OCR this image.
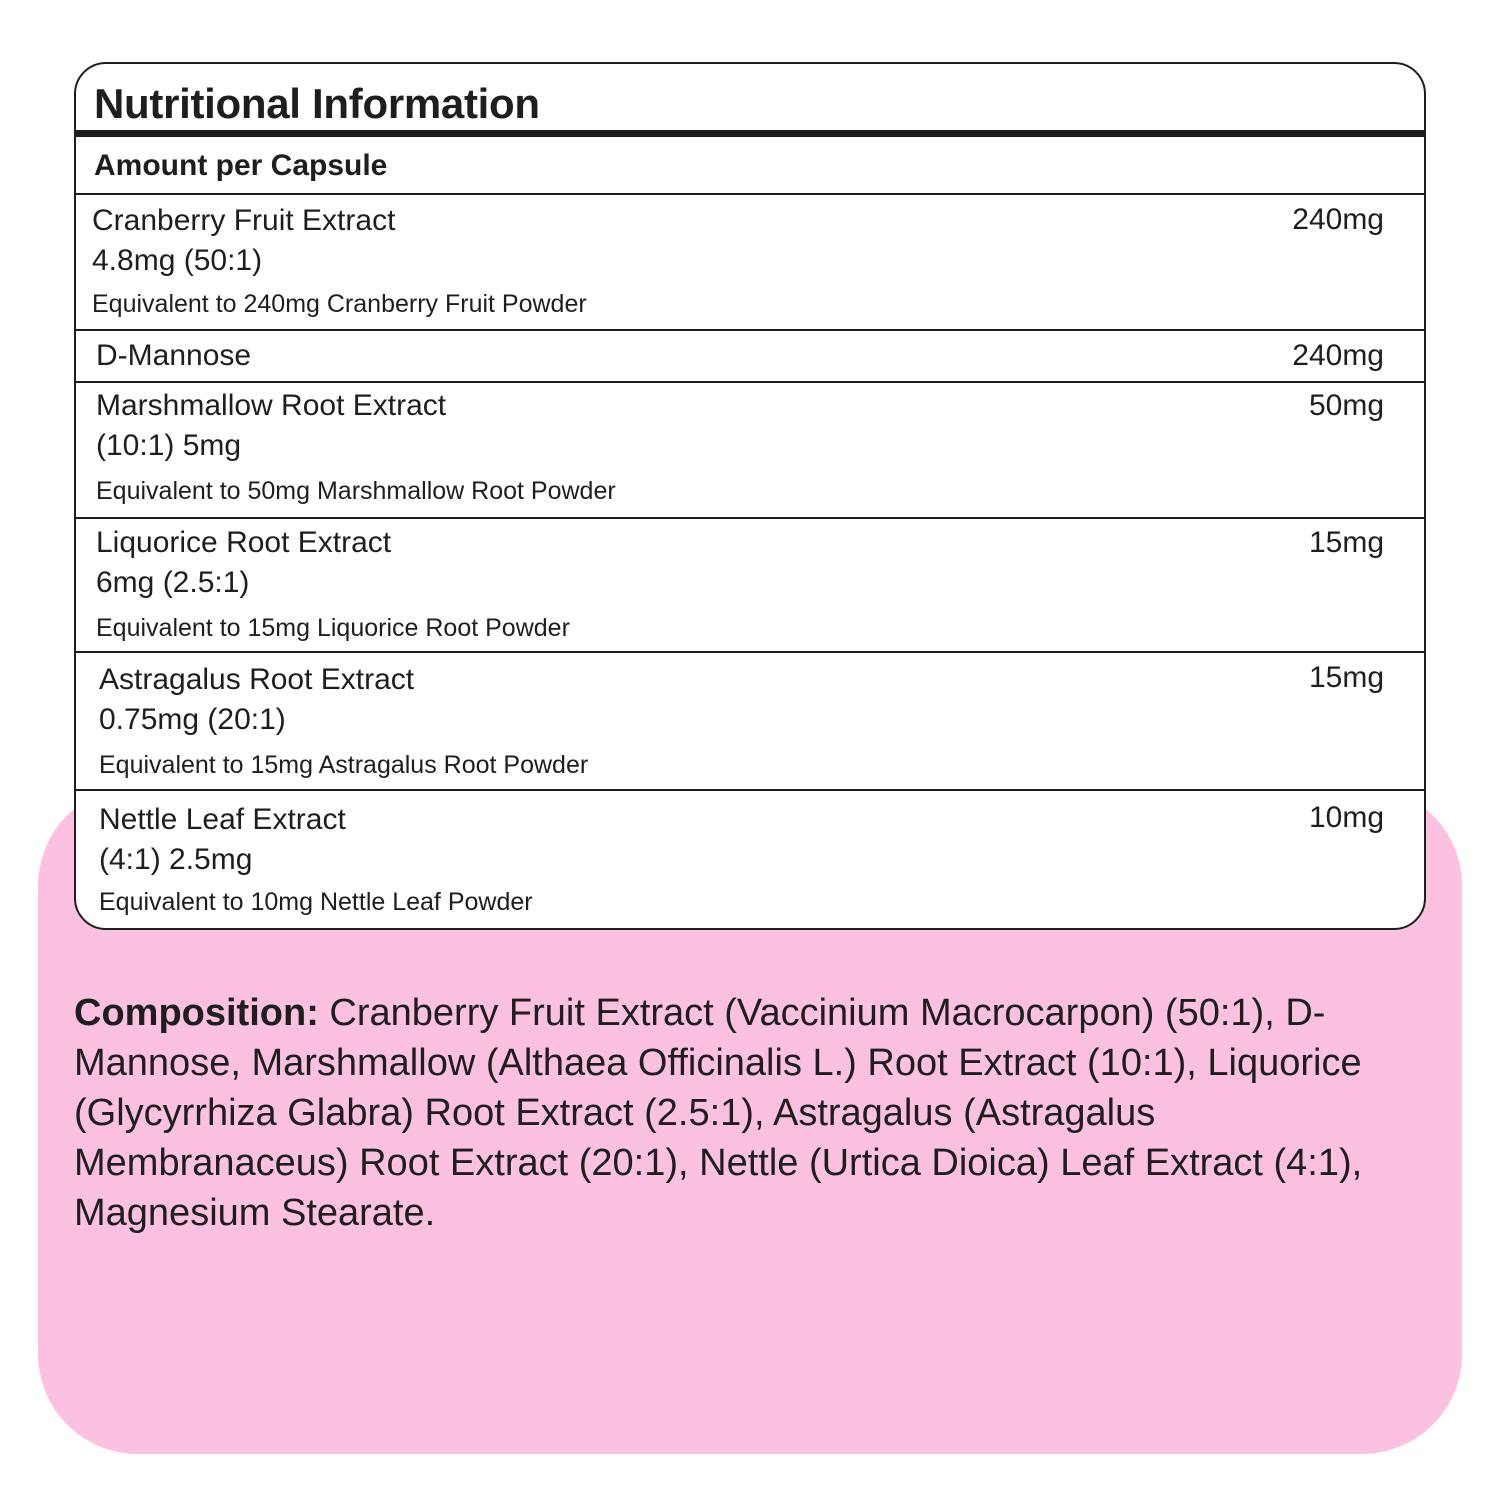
Nutritional Information
Amount per Capsule
Cranberry Fruit Extract
4.8mg (50:1)
Equivalent to 240mg Cranberry Fruit Powder
240mg
D-Mannose	240mg
Marshmallow Root Extract
(10:1) 5mg
Equivalent to 50mg Marshmallow Root Powder
50mg
Liquorice Root Extract
6mg (2.5:1)
Equivalent to 15mg Liquorice Root Powder
15mg
Astragalus Root Extract
0.75mg (20:1)
Equivalent to 15mg Astragalus Root Powder
15mg
Nettle Leaf Extract
(4:1) 2.5mg
Equivalent to 10mg Nettle Leaf Powder
10mg

Composition: Cranberry Fruit Extract (Vaccinium Macrocarpon) (50:1), D-Mannose, Marshmallow (Althaea Officinalis L.) Root Extract (10:1), Liquorice (Glycyrrhiza Glabra) Root Extract (2.5:1), Astragalus (Astragalus Membranaceus) Root Extract (20:1), Nettle (Urtica Dioica) Leaf Extract (4:1), Magnesium Stearate.
